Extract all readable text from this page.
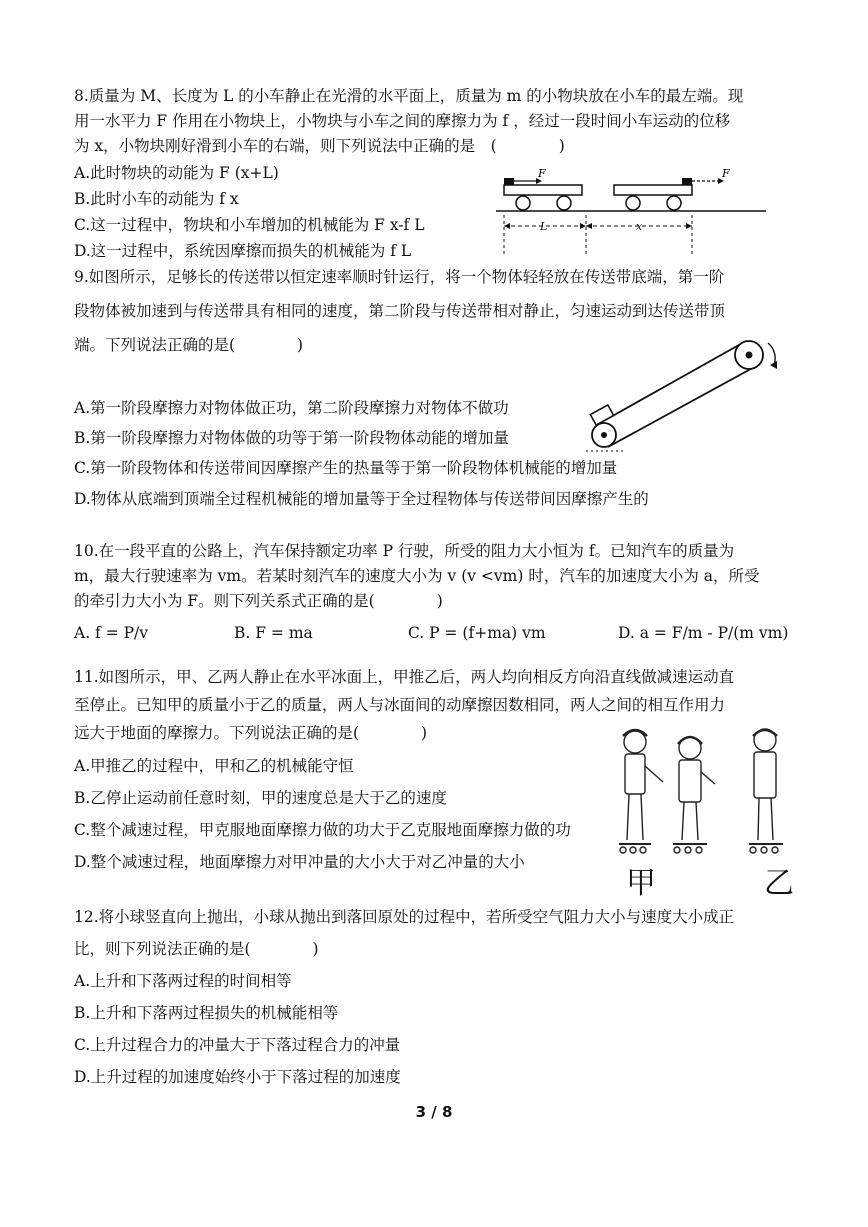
8.质量为 M、长度为 L 的小车静止在光滑的水平面上，质量为 m 的小物块放在小车的最左端。现
用一水平力 F 作用在小物块上，小物块与小车之间的摩擦力为 f ，经过一段时间小车运动的位移
为 x，小物块刚好滑到小车的右端，则下列说法中正确的是　(　　　　)
A.此时物块的动能为 F (x+L)
B.此时小车的动能为 f x
C.这一过程中，物块和小车增加的机械能为 F x-f L
D.这一过程中，系统因摩擦而损失的机械能为 f L
F	F
L	x
9.如图所示，足够长的传送带以恒定速率顺时针运行，将一个物体轻轻放在传送带底端，第一阶
段物体被加速到与传送带具有相同的速度，第二阶段与传送带相对静止，匀速运动到达传送带顶
端。下列说法正确的是(　　　　)
A.第一阶段摩擦力对物体做正功，第二阶段摩擦力对物体不做功
B.第一阶段摩擦力对物体做的功等于第一阶段物体动能的增加量
C.第一阶段物体和传送带间因摩擦产生的热量等于第一阶段物体机械能的增加量
D.物体从底端到顶端全过程机械能的增加量等于全过程物体与传送带间因摩擦产生的
10.在一段平直的公路上，汽车保持额定功率 P 行驶，所受的阻力大小恒为 f。已知汽车的质量为
m，最大行驶速率为 vm。若某时刻汽车的速度大小为 v (v <vm) 时，汽车的加速度大小为 a，所受
的牵引力大小为 F。则下列关系式正确的是(　　　　)
A. f = P/v	B. F = ma	C. P = (f+ma) vm	D. a = F/m - P/(m vm)
11.如图所示，甲、乙两人静止在水平冰面上，甲推乙后，两人均向相反方向沿直线做减速运动直
至停止。已知甲的质量小于乙的质量，两人与冰面间的动摩擦因数相同，两人之间的相互作用力
远大于地面的摩擦力。下列说法正确的是(　　　　)
A.甲推乙的过程中，甲和乙的机械能守恒
B.乙停止运动前任意时刻，甲的速度总是大于乙的速度
C.整个减速过程，甲克服地面摩擦力做的功大于乙克服地面摩擦力做的功
D.整个减速过程，地面摩擦力对甲冲量的大小大于对乙冲量的大小
甲	乙
12.将小球竖直向上抛出，小球从抛出到落回原处的过程中，若所受空气阻力大小与速度大小成正
比，则下列说法正确的是(　　　　)
A.上升和下落两过程的时间相等
B.上升和下落两过程损失的机械能相等
C.上升过程合力的冲量大于下落过程合力的冲量
D.上升过程的加速度始终小于下落过程的加速度
3 / 8
